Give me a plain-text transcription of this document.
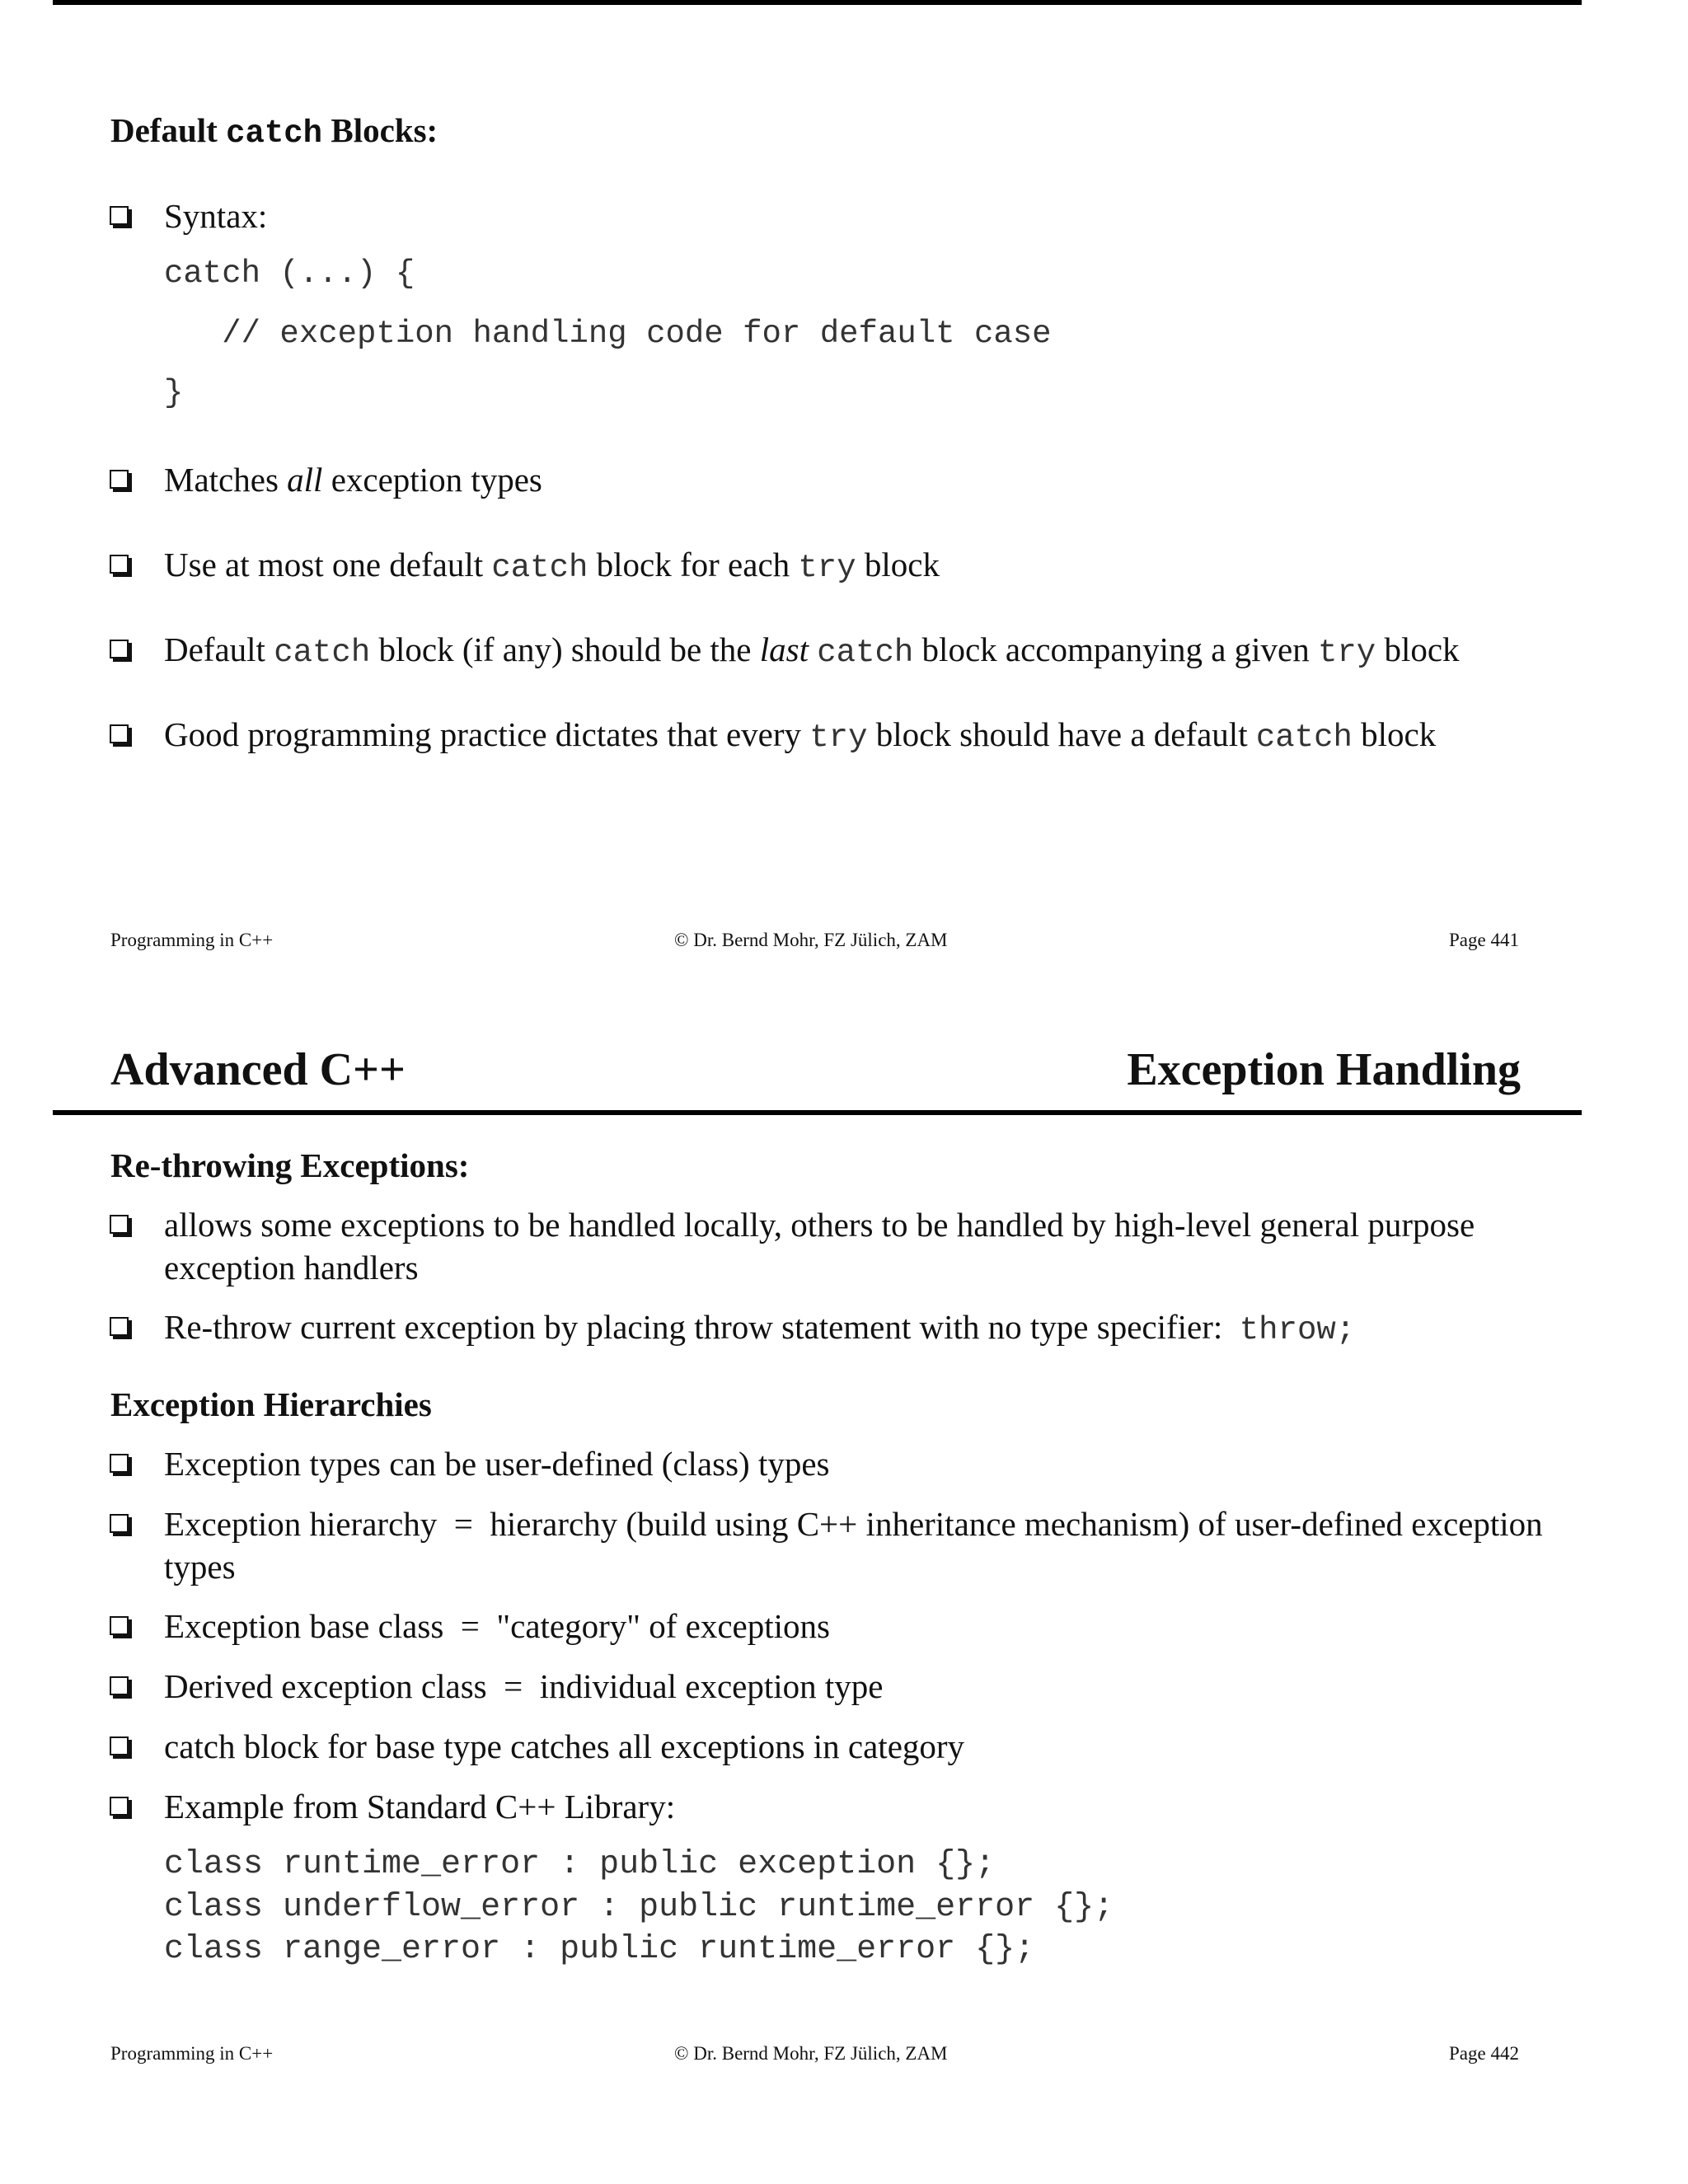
Default catch Blocks:
Syntax:
catch (...) {
// exception handling code for default case
}
Matches all exception types
Use at most one default catch block for each try block
Default catch block (if any) should be the last catch block accompanying a given try block
Good programming practice dictates that every try block should have a default catch block
Programming in C++	© Dr. Bernd Mohr, FZ Jülich, ZAM	Page 441
Advanced C++	Exception Handling
Re-throwing Exceptions:
allows some exceptions to be handled locally, others to be handled by high-level general purpose exception handlers
Re-throw current exception by placing throw statement with no type specifier: throw;
Exception Hierarchies
Exception types can be user-defined (class) types
Exception hierarchy  =  hierarchy (build using C++ inheritance mechanism) of user-defined exception types
Exception base class  =  "category" of exceptions
Derived exception class  =  individual exception type
catch block for base type catches all exceptions in category
Example from Standard C++ Library:
class runtime_error : public exception {};
class underflow_error : public runtime_error {};
class range_error : public runtime_error {};
Programming in C++	© Dr. Bernd Mohr, FZ Jülich, ZAM	Page 442
